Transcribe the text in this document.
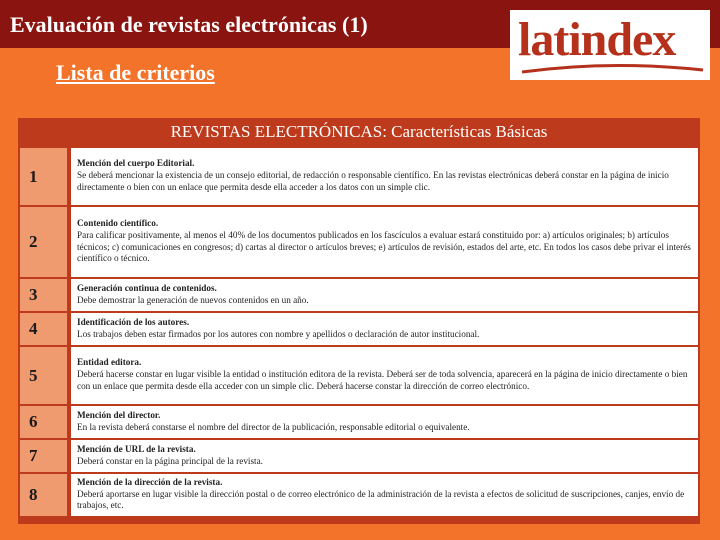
Evaluación de revistas electrónicas (1)	latindex
Lista de criterios

REVISTAS ELECTRÓNICAS: Características Básicas

1		Mención del cuerpo Editorial.
Se deberá mencionar la existencia de un consejo editorial, de redacción o responsable científico. En las revistas electrónicas deberá constar en la página de inicio directamente o bien con un enlace que permita desde ella acceder a los datos con un simple clic.
2		Contenido científico.
Para calificar positivamente, al menos el 40% de los documentos publicados en los fascículos a evaluar estará constituido por: a) artículos originales; b) artículos técnicos; c) comunicaciones en congresos; d) cartas al director o artículos breves; e) artículos de revisión, estados del arte, etc. En todos los casos debe privar el interés científico o técnico.
3		Generación continua de contenidos.
Debe demostrar la generación de nuevos contenidos en un año.
4		Identificación de los autores.
Los trabajos deben estar firmados por los autores con nombre y apellidos o declaración de autor institucional.
5		Entidad editora.
Deberá hacerse constar en lugar visible la entidad o institución editora de la revista. Deberá ser de toda solvencia, aparecerá en la página de inicio directamente o bien con un enlace que permita desde ella acceder con un simple clic. Deberá hacerse constar la dirección de correo electrónico.
6		Mención del director.
En la revista deberá constarse el nombre del director de la publicación, responsable editorial o equivalente.
7		Mención de URL de la revista.
Deberá constar en la página principal de la revista.
8		Mención de la dirección de la revista.
Deberá aportarse en lugar visible la dirección postal o de correo electrónico de la administración de la revista a efectos de solicitud de suscripciones, canjes, envío de trabajos, etc.
